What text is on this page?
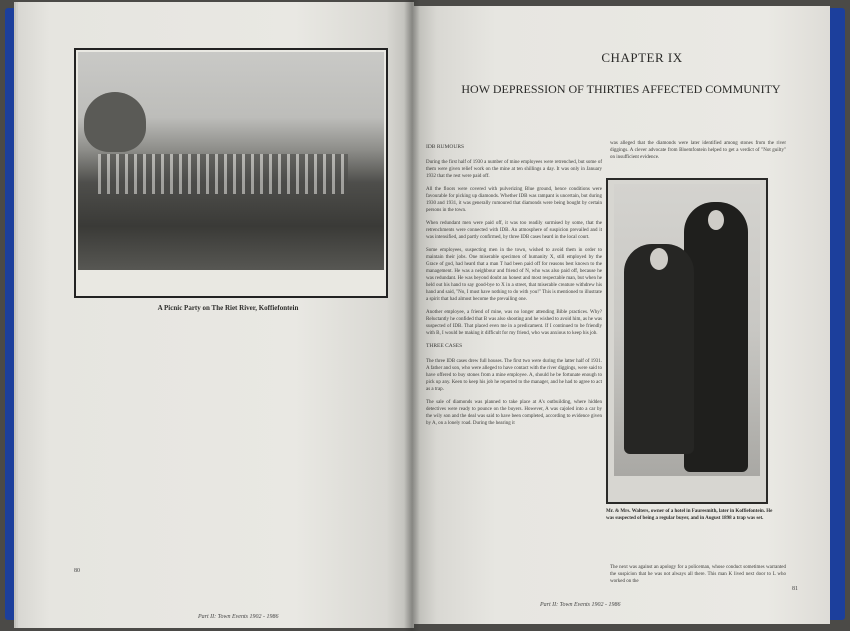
A Picnic Party on The Riet River, Koffiefontein
80
Part II: Town Events 1902 - 1986
CHAPTER IX
HOW DEPRESSION OF THIRTIES AFFECTED COMMUNITY

IDB RUMOURS

During the first half of 1930 a number of mine employees were retrenched, but some of them were given relief work on the mine at ten shillings a day. It was only in January 1932 that the rest were paid off.

All the floors were covered with pulverizing Blue ground, hence conditions were favourable for picking up diamonds. Whether IDB was rampant is uncertain, but during 1930 and 1931, it was generally rumoured that diamonds were being bought by certain persons in the town.

When redundant men were paid off, it was too readily surmised by some, that the retrenchments were connected with IDB. An atmosphere of suspicion prevailed and it was intensified, and partly confirmed, by three IDB cases heard in the local court.

Some employees, suspecting men in the town, wished to avoid them in order to maintain their jobs. One miserable specimen of humanity X, still employed by the Grace of god, had heard that a man T had been paid off for reasons best known to the management. He was a neighbour and friend of N, who was also paid off, because he was redundant. He was beyond doubt an honest and most respectable man, but when he held out his hand to say good-bye to X in a street, that miserable creature withdrew his hand and said, "No, I must have nothing to do with you!" This is mentioned to illustrate a spirit that had almost become the prevailing one.

Another employee, a friend of mine, was no longer attending Bible practices. Why? Reluctantly he confided that B was also shooting and he wished to avoid him, as he was suspected of IDB. That placed even me in a predicament. If I continued to be friendly with B, I would be making it difficult for my friend, who was anxious to keep his job.

THREE CASES

The three IDB cases drew full houses. The first two were during the latter half of 1931. A father and son, who were alleged to have contact with the river diggings, were said to have offered to buy stones from a mine employee. A, should he be fortunate enough to pick up any. Keen to keep his job he reported to the manager, and he had to agree to act as a trap.

The sale of diamonds was planned to take place at A's outbuilding, where hidden detectives were ready to pounce on the buyers. However, A was cajoled into a car by the wily son and the deal was said to have been completed, according to evidence given by A, on a lonely road. During the hearing it

was alleged that the diamonds were later identified among stones from the river diggings. A clever advocate from Bloemfontein helped to get a verdict of "Not guilty" on insufficient evidence.

Mr. & Mrs. Walters, owner of a hotel in Fauresmith, later in Koffiefontein. He was suspected of being a regular buyer, and in August 1898 a trap was set.

The next was against an apology for a policeman, whose conduct sometimes warranted the suspicion that he was not always all there. This man K lived next door to L who worked on the

81
Part II: Town Events 1902 - 1986
